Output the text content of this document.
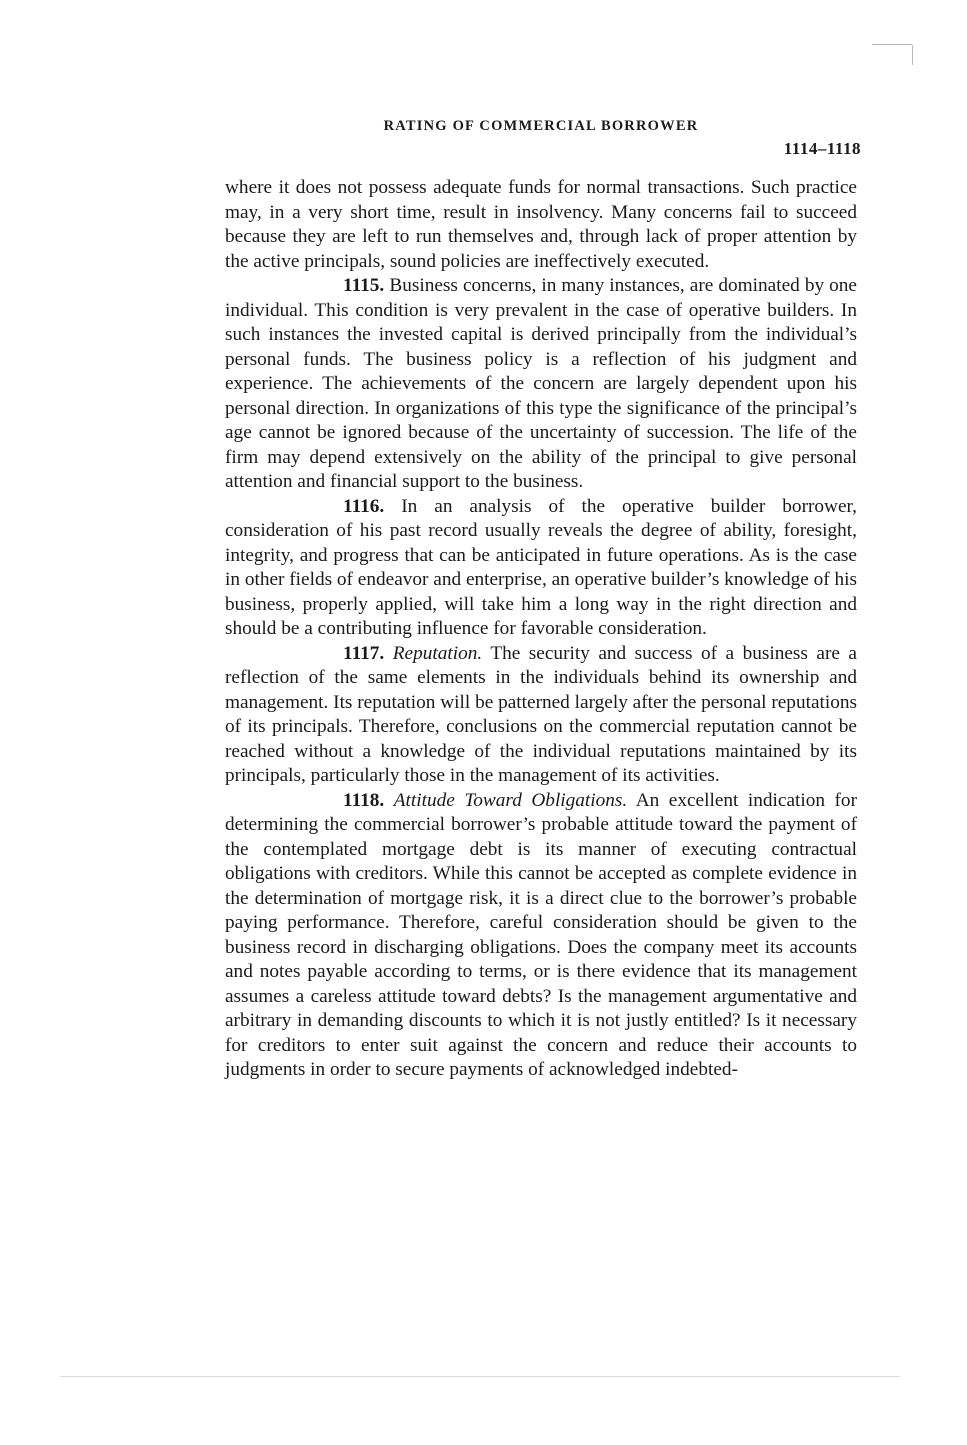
RATING OF COMMERCIAL BORROWER
1114–1118

where it does not possess adequate funds for normal transactions. Such practice may, in a very short time, result in insolvency. Many concerns fail to succeed because they are left to run themselves and, through lack of proper attention by the active principals, sound policies are ineffectively executed.

1115. Business concerns, in many instances, are dominated by one individual. This condition is very prevalent in the case of operative builders. In such instances the invested capital is derived principally from the individual’s personal funds. The business policy is a reflection of his judgment and experience. The achievements of the concern are largely dependent upon his personal direction. In organizations of this type the significance of the principal’s age cannot be ignored because of the uncertainty of succession. The life of the firm may depend extensively on the ability of the principal to give personal attention and financial support to the business.

1116. In an analysis of the operative builder borrower, consideration of his past record usually reveals the degree of ability, foresight, integrity, and progress that can be anticipated in future operations. As is the case in other fields of endeavor and enterprise, an operative builder’s knowledge of his business, properly applied, will take him a long way in the right direction and should be a contributing influence for favorable consideration.

1117. Reputation. The security and success of a business are a reflection of the same elements in the individuals behind its ownership and management. Its reputation will be patterned largely after the personal reputations of its principals. Therefore, conclusions on the commercial reputation cannot be reached without a knowledge of the individual reputations maintained by its principals, particularly those in the management of its activities.

1118. Attitude Toward Obligations. An excellent indication for determining the commercial borrower’s probable attitude toward the payment of the contemplated mortgage debt is its manner of executing contractual obligations with creditors. While this cannot be accepted as complete evidence in the determination of mortgage risk, it is a direct clue to the borrower’s probable paying performance. Therefore, careful consideration should be given to the business record in discharging obligations. Does the company meet its accounts and notes payable according to terms, or is there evidence that its management assumes a careless attitude toward debts? Is the management argumentative and arbitrary in demanding discounts to which it is not justly entitled? Is it necessary for creditors to enter suit against the concern and reduce their accounts to judgments in order to secure payments of acknowledged indebted-
